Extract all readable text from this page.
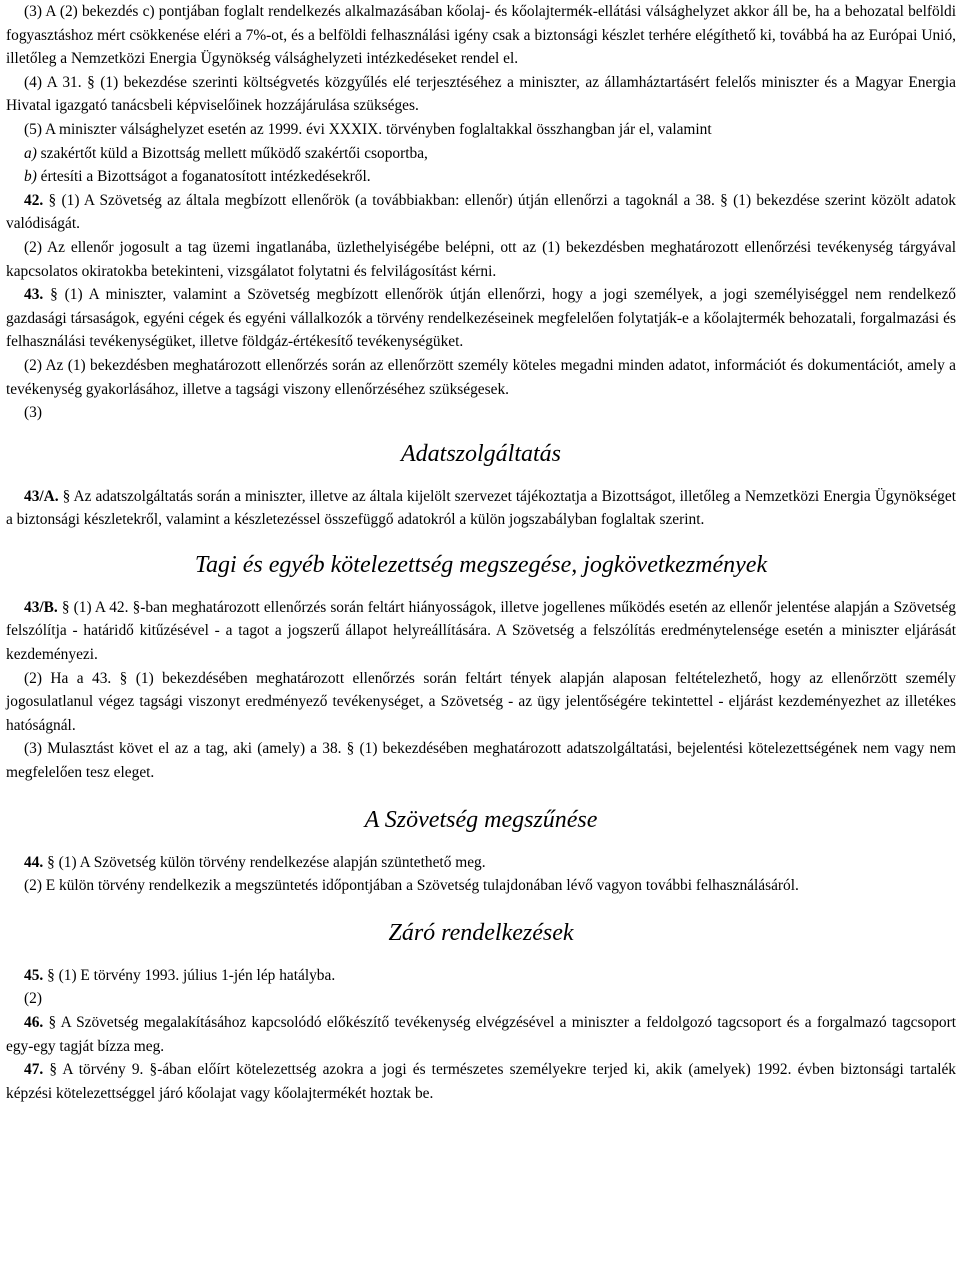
(3) A (2) bekezdés c) pontjában foglalt rendelkezés alkalmazásában kőolaj- és kőolajtermék-ellátási válsághelyzet akkor áll be, ha a behozatal belföldi fogyasztáshoz mért csökkenése eléri a 7%-ot, és a belföldi felhasználási igény csak a biztonsági készlet terhére elégíthető ki, továbbá ha az Európai Unió, illetőleg a Nemzetközi Energia Ügynökség válsághelyzeti intézkedéseket rendel el.

(4) A 31. § (1) bekezdése szerinti költségvetés közgyűlés elé terjesztéséhez a miniszter, az államháztartásért felelős miniszter és a Magyar Energia Hivatal igazgató tanácsbeli képviselőinek hozzájárulása szükséges.

(5) A miniszter válsághelyzet esetén az 1999. évi XXXIX. törvényben foglaltakkal összhangban jár el, valamint

a) szakértőt küld a Bizottság mellett működő szakértői csoportba,

b) értesíti a Bizottságot a foganatosított intézkedésekről.

42. § (1) A Szövetség az általa megbízott ellenőrök (a továbbiakban: ellenőr) útján ellenőrzi a tagoknál a 38. § (1) bekezdése szerint közölt adatok valódiságát.

(2) Az ellenőr jogosult a tag üzemi ingatlanába, üzlethelyiségébe belépni, ott az (1) bekezdésben meghatározott ellenőrzési tevékenység tárgyával kapcsolatos okiratokba betekinteni, vizsgálatot folytatni és felvilágosítást kérni.

43. § (1) A miniszter, valamint a Szövetség megbízott ellenőrök útján ellenőrzi, hogy a jogi személyek, a jogi személyiséggel nem rendelkező gazdasági társaságok, egyéni cégek és egyéni vállalkozók a törvény rendelkezéseinek megfelelően folytatják-e a kőolajtermék behozatali, forgalmazási és felhasználási tevékenységüket, illetve földgáz-értékesítő tevékenységüket.

(2) Az (1) bekezdésben meghatározott ellenőrzés során az ellenőrzött személy köteles megadni minden adatot, információt és dokumentációt, amely a tevékenység gyakorlásához, illetve a tagsági viszony ellenőrzéséhez szükségesek.

(3)

Adatszolgáltatás

43/A. § Az adatszolgáltatás során a miniszter, illetve az általa kijelölt szervezet tájékoztatja a Bizottságot, illetőleg a Nemzetközi Energia Ügynökséget a biztonsági készletekről, valamint a készletezéssel összefüggő adatokról a külön jogszabályban foglaltak szerint.

Tagi és egyéb kötelezettség megszegése, jogkövetkezmények

43/B. § (1) A 42. §-ban meghatározott ellenőrzés során feltárt hiányosságok, illetve jogellenes működés esetén az ellenőr jelentése alapján a Szövetség felszólítja - határidő kitűzésével - a tagot a jogszerű állapot helyreállítására. A Szövetség a felszólítás eredménytelensége esetén a miniszter eljárását kezdeményezi.

(2) Ha a 43. § (1) bekezdésében meghatározott ellenőrzés során feltárt tények alapján alaposan feltételezhető, hogy az ellenőrzött személy jogosulatlanul végez tagsági viszonyt eredményező tevékenységet, a Szövetség - az ügy jelentőségére tekintettel - eljárást kezdeményezhet az illetékes hatóságnál.

(3) Mulasztást követ el az a tag, aki (amely) a 38. § (1) bekezdésében meghatározott adatszolgáltatási, bejelentési kötelezettségének nem vagy nem megfelelően tesz eleget.

A Szövetség megszűnése

44. § (1) A Szövetség külön törvény rendelkezése alapján szüntethető meg.

(2) E külön törvény rendelkezik a megszüntetés időpontjában a Szövetség tulajdonában lévő vagyon további felhasználásáról.

Záró rendelkezések

45. § (1) E törvény 1993. július 1-jén lép hatályba.

(2)

46. § A Szövetség megalakításához kapcsolódó előkészítő tevékenység elvégzésével a miniszter a feldolgozó tagcsoport és a forgalmazó tagcsoport egy-egy tagját bízza meg.

47. § A törvény 9. §-ában előírt kötelezettség azokra a jogi és természetes személyekre terjed ki, akik (amelyek) 1992. évben biztonsági tartalék képzési kötelezettséggel járó kőolajat vagy kőolajtermékét hoztak be.
